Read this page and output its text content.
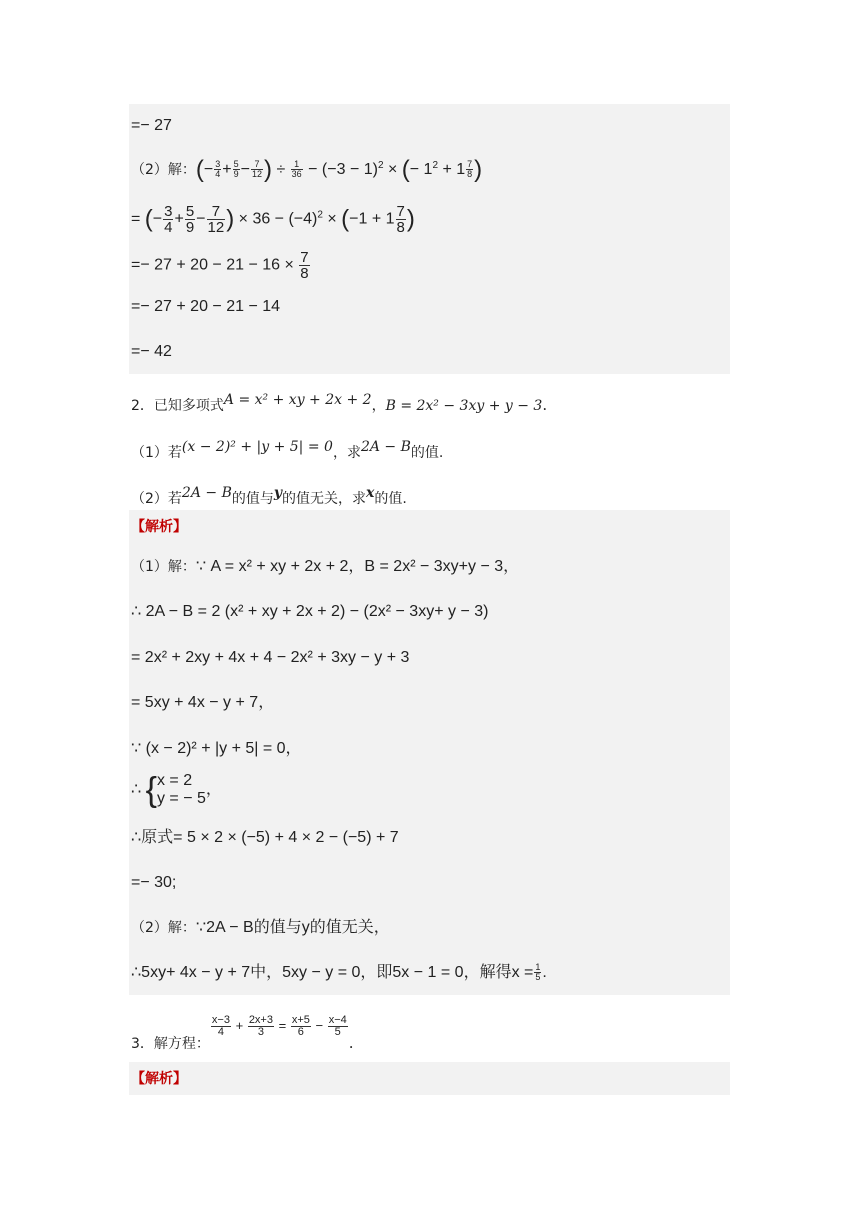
=− 27
（2）解：(− $\frac{3}{4} + \frac{5}{9} - \frac{7}{12}$ ) ÷ $\frac{1}{36} - (-3 - 1)^2$ × (− $1^2 + 1 \frac{7}{8}$ )
= (− $\frac{3}{4} + \frac{5}{9} - \frac{7}{12}$ ) × $36 - (-4)^2 \times (-1 + 1 \frac{7}{8}$ )
=− $27 + 20 - 21 - 16 \times \frac{7}{8}$
=− 27 + 20 − 21 − 14
=− 42
2．已知多项式A = x² + xy + 2x + 2，B = 2x² − 3xy + y − 3.
（1）若(x − 2)² + |y + 5| = 0，求2A − B的值.
（2）若2A − B的值与y的值无关，求x的值.
【解析】
（1）解：∵ A = x² + xy + 2x + 2，B = 2x² − 3xy+y − 3，
∴ 2A − B = 2 (x² + xy + 2x + 2) − (2x² − 3xy+ y − 3)
= 2x² + 2xy + 4x + 4 − 2x² + 3xy − y + 3
= 5xy + 4x − y + 7，
∵ (x − 2)² + |y + 5| = 0，
∴ {x = 2
y = − 5，
∴原式= 5 × 2 × (−5) + 4 × 2 − (−5) + 7
=− 30;
（2）解：∵2A − B的值与y的值无关，
∴5xy+ 4x − y + 7中，5xy − y = 0，即5x − 1 = 0，解得$x = \frac{1}{5}$ .
3．解方程：
$\frac{x-3}{4} + \frac{2x+3}{3} = \frac{x+5}{6} - \frac{x-4}{5}$
.
【解析】
